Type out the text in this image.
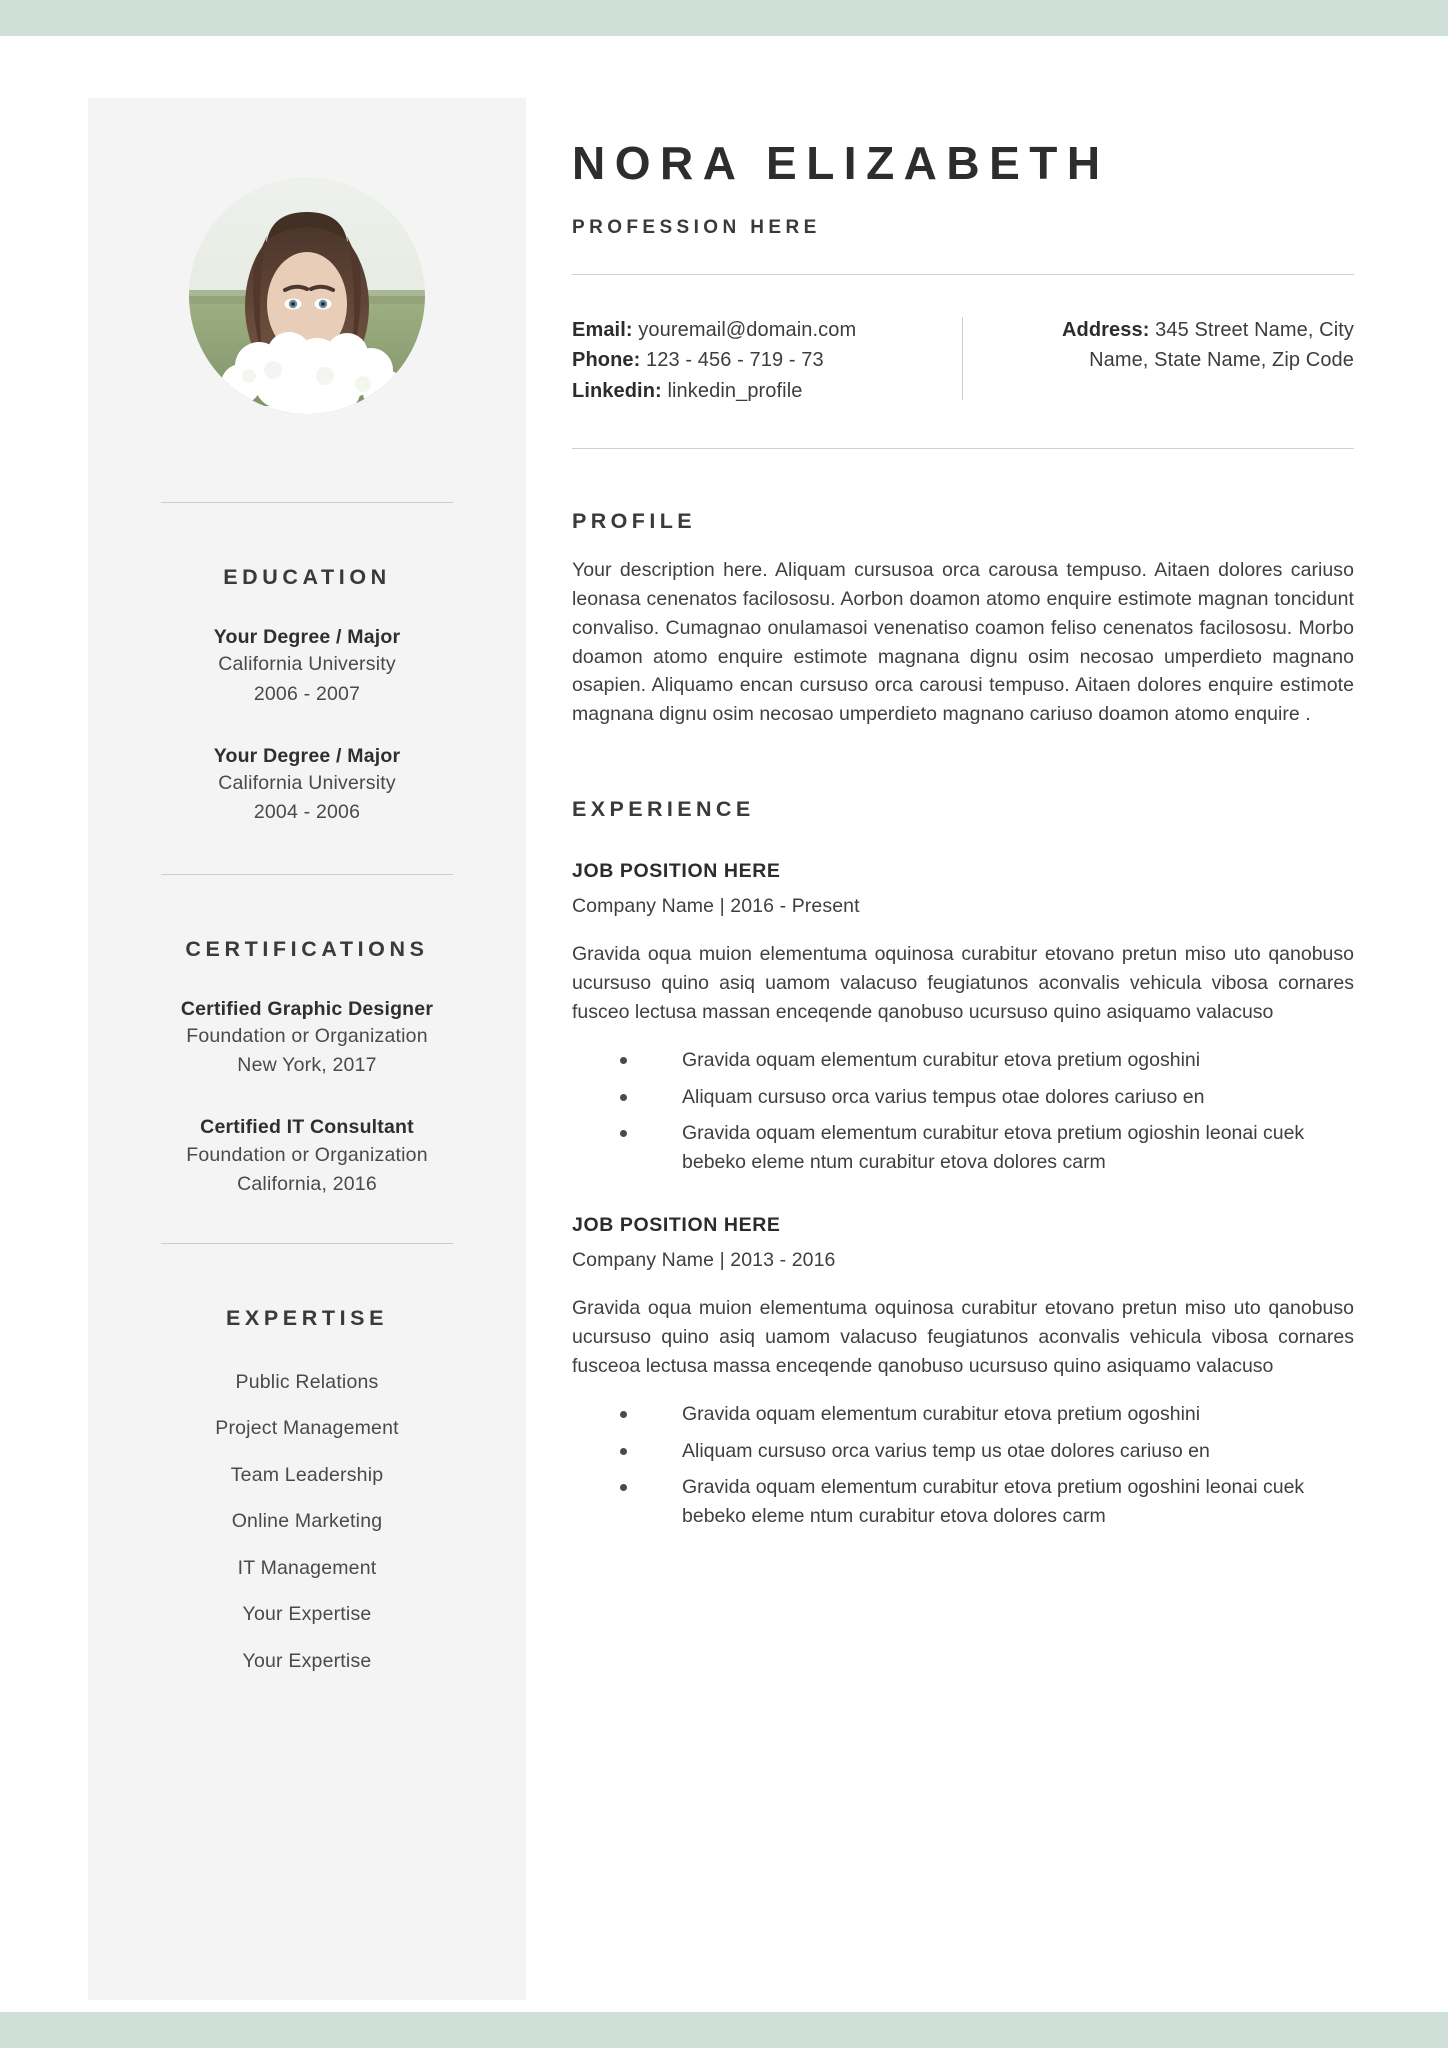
EDUCATION
Your Degree / Major
California University
2006 - 2007
Your Degree / Major
California University
2004 - 2006
CERTIFICATIONS
Certified Graphic Designer
Foundation or Organization
New York, 2017
Certified IT Consultant
Foundation or Organization
California, 2016
EXPERTISE
Public Relations
Project Management
Team Leadership
Online Marketing
IT Management
Your Expertise
Your Expertise
NORA ELIZABETH
PROFESSION HERE
Email: youremail@domain.com
Phone: 123 - 456 - 719 - 73
Linkedin: linkedin_profile
Address: 345 Street Name, City
Name, State Name, Zip Code
PROFILE

Your description here. Aliquam cursusoa orca carousa tempuso. Aitaen dolores cariuso leonasa cenenatos facilososu. Aorbon doamon atomo enquire estimote magnan toncidunt convaliso. Cumagnao onulamasoi venenatiso coamon feliso cenenatos facilososu. Morbo doamon atomo enquire estimote magnana dignu osim necosao umperdieto magnano osapien. Aliquamo encan cursuso orca carousi tempuso. Aitaen dolores enquire estimote magnana dignu osim necosao umperdieto magnano cariuso doamon atomo enquire .

EXPERIENCE
JOB POSITION HERE
Company Name | 2016 - Present

Gravida oqua muion elementuma oquinosa curabitur etovano pretun miso uto qanobuso ucursuso quino asiq uamom valacuso feugiatunos aconvalis vehicula vibosa cornares fusceo lectusa massan enceqende qanobuso ucursuso quino asiquamo valacuso

Gravida oquam elementum curabitur etova pretium ogoshini
Aliquam cursuso orca varius tempus otae dolores cariuso en
Gravida oquam elementum curabitur etova pretium ogioshin leonai cuek bebeko eleme ntum curabitur etova dolores carm
JOB POSITION HERE
Company Name | 2013 - 2016

Gravida oqua muion elementuma oquinosa curabitur etovano pretun miso uto qanobuso ucursuso quino asiq uamom valacuso feugiatunos aconvalis vehicula vibosa cornares fusceoa lectusa massa enceqende qanobuso ucursuso quino asiquamo valacuso

Gravida oquam elementum curabitur etova pretium ogoshini
Aliquam cursuso orca varius temp us otae dolores cariuso en
Gravida oquam elementum curabitur etova pretium ogoshini leonai cuek bebeko eleme ntum curabitur etova dolores carm
